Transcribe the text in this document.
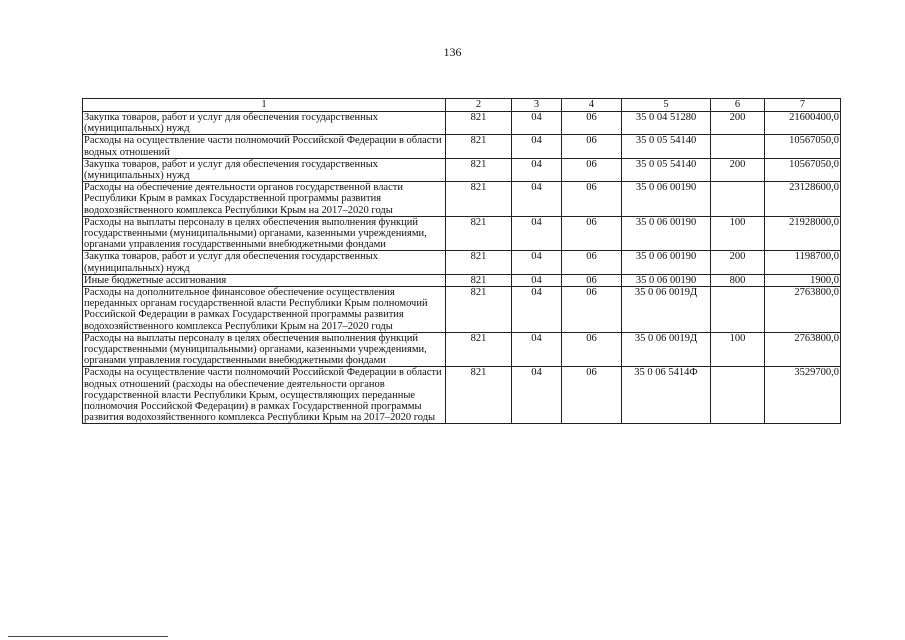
136
1	2	3	4	5	6	7
Закупка товаров, работ и услуг для обеспечения государственных (муниципальных) нужд	821	04	06	35 0 04 51280	200	21600400,0
Расходы на осуществление части полномочий Российской Федерации в области водных отношений	821	04	06	35 0 05 54140		10567050,0
Закупка товаров, работ и услуг для обеспечения государственных (муниципальных) нужд	821	04	06	35 0 05 54140	200	10567050,0
Расходы на обеспечение деятельности органов государственной власти Республики Крым в рамках Государственной программы развития водохозяйственного комплекса Республики Крым на 2017–2020 годы	821	04	06	35 0 06 00190		23128600,0
Расходы на выплаты персоналу в целях обеспечения выполнения функций государственными (муниципальными) органами, казенными учреждениями, органами управления государственными внебюджетными фондами	821	04	06	35 0 06 00190	100	21928000,0
Закупка товаров, работ и услуг для обеспечения государственных (муниципальных) нужд	821	04	06	35 0 06 00190	200	1198700,0
Иные бюджетные ассигнования	821	04	06	35 0 06 00190	800	1900,0
Расходы на дополнительное финансовое обеспечение осуществления переданных органам государственной власти Республики Крым полномочий Российской Федерации в рамках Государственной программы развития водохозяйственного комплекса Республики Крым на 2017–2020 годы	821	04	06	35 0 06 0019Д		2763800,0
Расходы на выплаты персоналу в целях обеспечения выполнения функций государственными (муниципальными) органами, казенными учреждениями, органами управления государственными внебюджетными фондами	821	04	06	35 0 06 0019Д	100	2763800,0
Расходы на осуществление части полномочий Российской Федерации в области водных отношений (расходы на обеспечение деятельности органов государственной власти Республики Крым, осуществляющих переданные полномочия Российской Федерации) в рамках Государственной программы развития водохозяйственного комплекса Республики Крым на 2017–2020 годы	821	04	06	35 0 06 5414Ф		3529700,0
